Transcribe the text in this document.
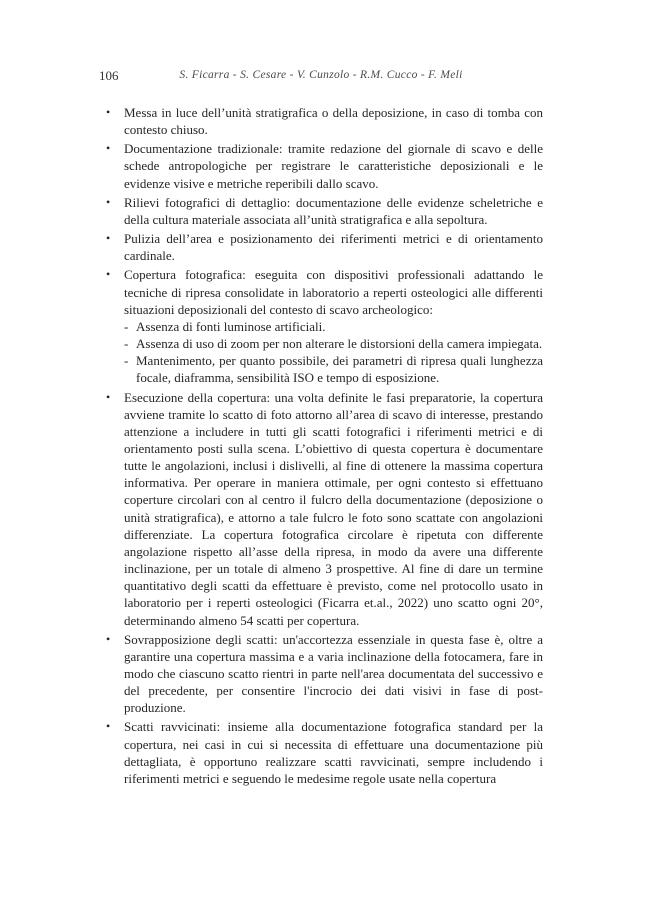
106	S. Ficarra - S. Cesare - V. Cunzolo - R.M. Cucco - F. Meli
• Messa in luce dell’unità stratigrafica o della deposizione, in caso di tomba con contesto chiuso.
• Documentazione tradizionale: tramite redazione del giornale di scavo e delle schede antropologiche per registrare le caratteristiche deposizionali e le evidenze visive e metriche reperibili dallo scavo.
• Rilievi fotografici di dettaglio: documentazione delle evidenze scheletriche e della cultura materiale associata all’unità stratigrafica e alla sepoltura.
• Pulizia dell’area e posizionamento dei riferimenti metrici e di orientamento cardinale.
• Copertura fotografica: eseguita con dispositivi professionali adattando le tecniche di ripresa consolidate in laboratorio a reperti osteologici alle differenti situazioni deposizionali del contesto di scavo archeologico:
- Assenza di fonti luminose artificiali.
- Assenza di uso di zoom per non alterare le distorsioni della camera impiegata.
- Mantenimento, per quanto possibile, dei parametri di ripresa quali lunghezza focale, diaframma, sensibilità ISO e tempo di esposizione.
• Esecuzione della copertura: una volta definite le fasi preparatorie, la copertura avviene tramite lo scatto di foto attorno all’area di scavo di interesse, prestando attenzione a includere in tutti gli scatti fotografici i riferimenti metrici e di orientamento posti sulla scena. L’obiettivo di questa copertura è documentare tutte le angolazioni, inclusi i dislivelli, al fine di ottenere la massima copertura informativa. Per operare in maniera ottimale, per ogni contesto si effettuano coperture circolari con al centro il fulcro della documentazione (deposizione o unità stratigrafica), e attorno a tale fulcro le foto sono scattate con angolazioni differenziate. La copertura fotografica circolare è ripetuta con differente angolazione rispetto all’asse della ripresa, in modo da avere una differente inclinazione, per un totale di almeno 3 prospettive. Al fine di dare un termine quantitativo degli scatti da effettuare è previsto, come nel protocollo usato in laboratorio per i reperti osteologici (Ficarra et.al., 2022) uno scatto ogni 20°, determinando almeno 54 scatti per copertura.
• Sovrapposizione degli scatti: un'accortezza essenziale in questa fase è, oltre a garantire una copertura massima e a varia inclinazione della fotocamera, fare in modo che ciascuno scatto rientri in parte nell'area documentata del successivo e del precedente, per consentire l'incrocio dei dati visivi in fase di post-produzione.
• Scatti ravvicinati: insieme alla documentazione fotografica standard per la copertura, nei casi in cui si necessita di effettuare una documentazione più dettagliata, è opportuno realizzare scatti ravvicinati, sempre includendo i riferimenti metrici e seguendo le medesime regole usate nella copertura
